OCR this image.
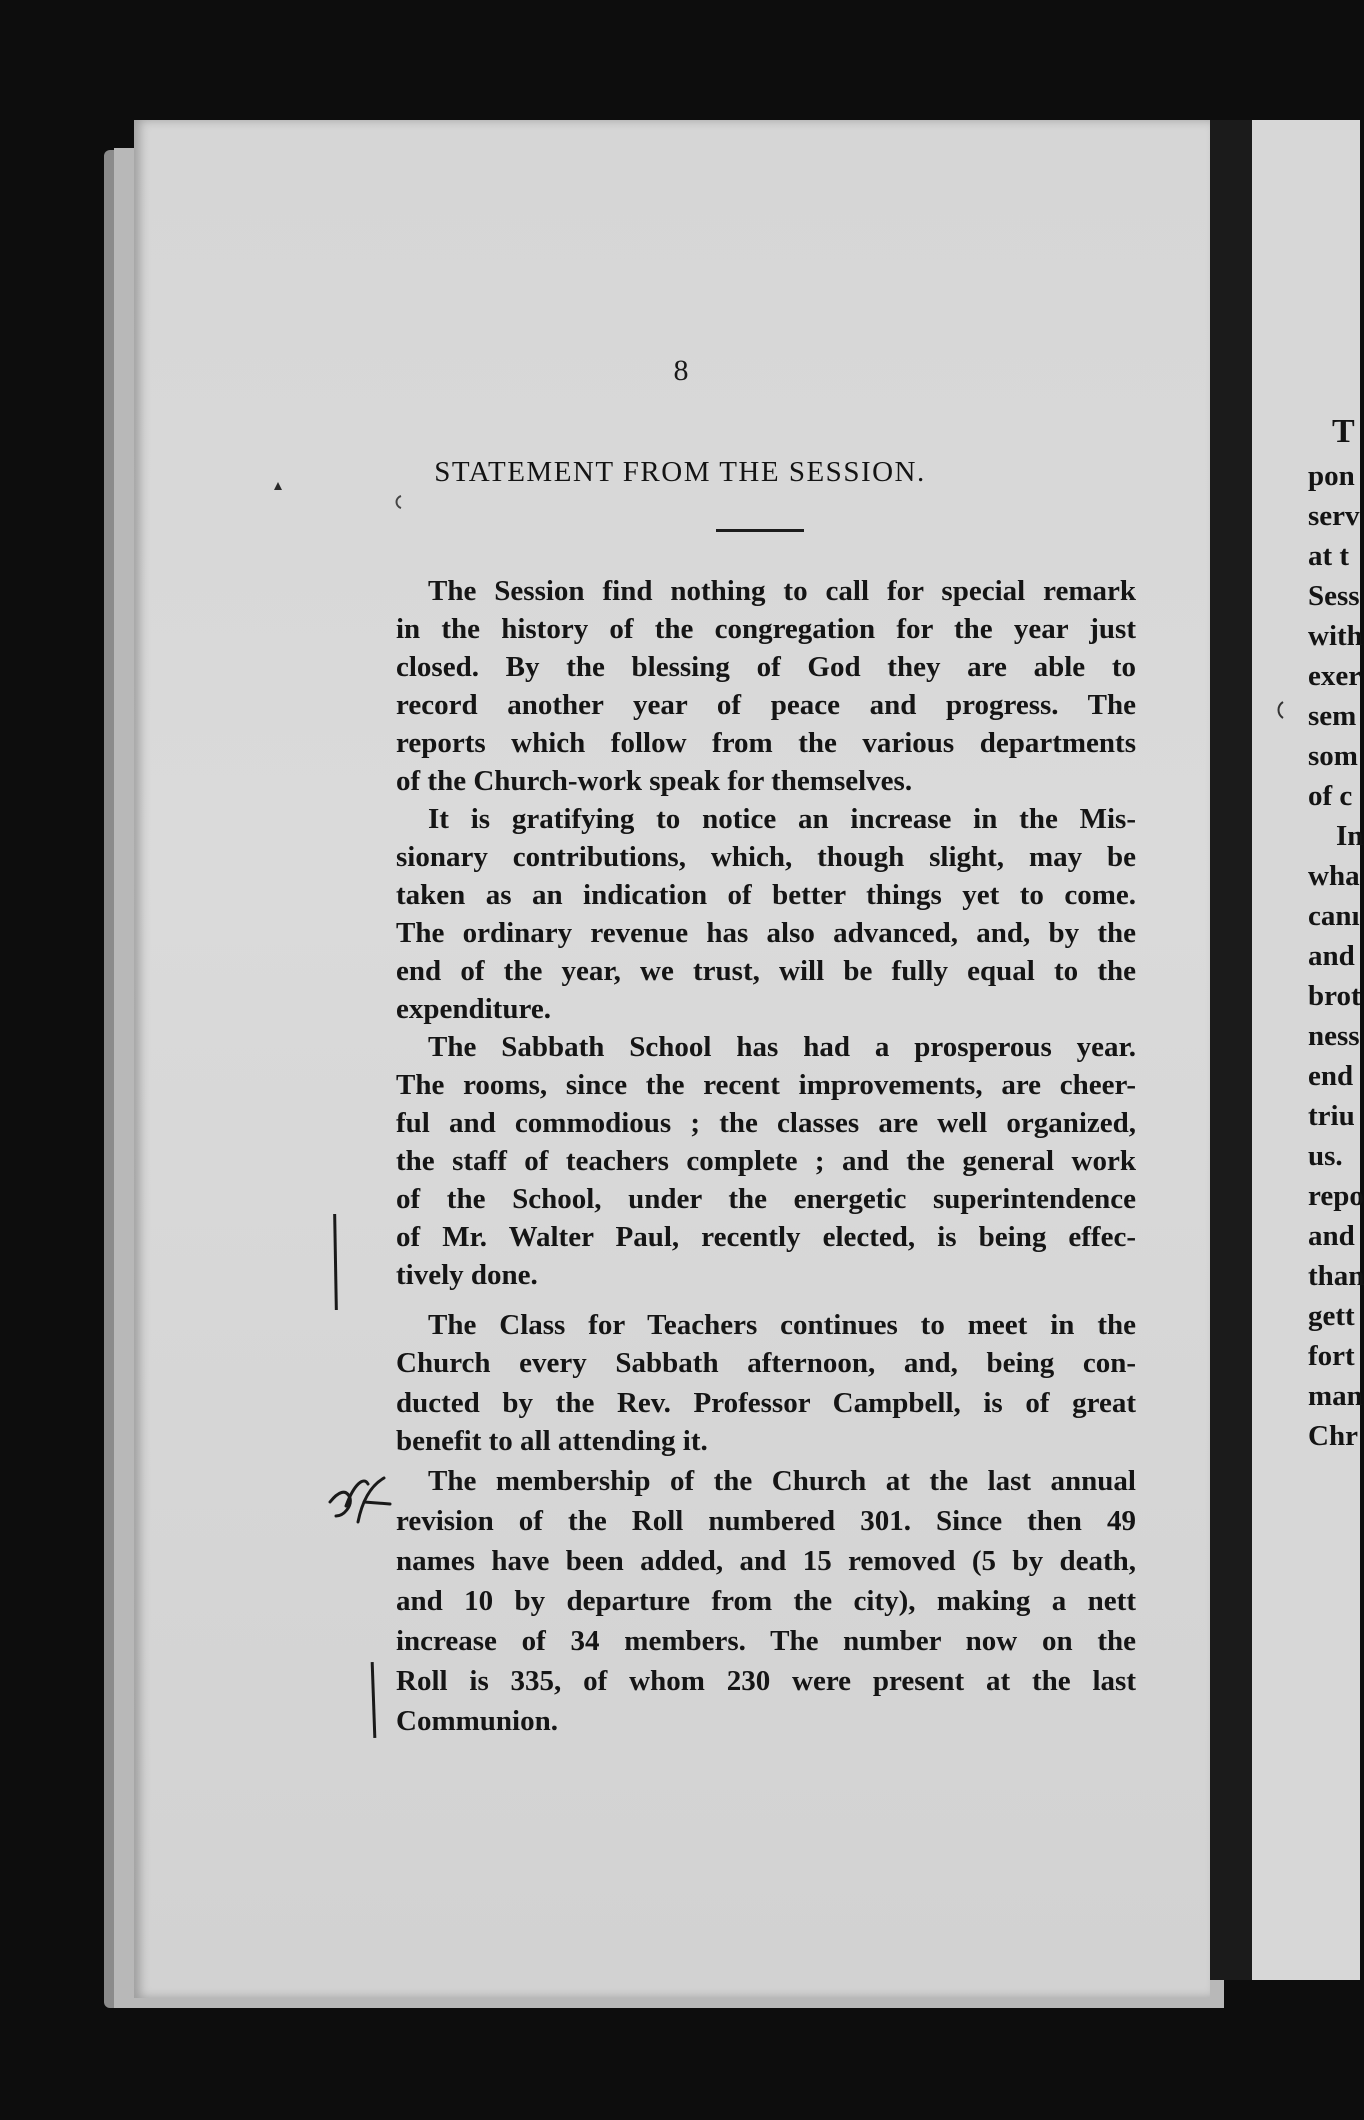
T
pon
serv
at t
Sess
with
exer
sem
som
of c
In
wha
canı
and
brot
ness
end
triu
us.
repo
and
than
gett
fort
man
Chr
8
STATEMENT FROM THE SESSION.
The Session find nothing to call for special remark
in the history of the congregation for the year just
closed. By the blessing of God they are able to
record another year of peace and progress. The
reports which follow from the various departments
of the Church-work speak for themselves.
It is gratifying to notice an increase in the Mis-
sionary contributions, which, though slight, may be
taken as an indication of better things yet to come.
The ordinary revenue has also advanced, and, by the
end of the year, we trust, will be fully equal to the
expenditure.
The Sabbath School has had a prosperous year.
The rooms, since the recent improvements, are cheer-
ful and commodious ; the classes are well organized,
the staff of teachers complete ; and the general work
of the School, under the energetic superintendence
of Mr. Walter Paul, recently elected, is being effec-
tively done.
The Class for Teachers continues to meet in the
Church every Sabbath afternoon, and, being con-
ducted by the Rev. Professor Campbell, is of great
benefit to all attending it.
The membership of the Church at the last annual
revision of the Roll numbered 301. Since then 49
names have been added, and 15 removed (5 by death,
and 10 by departure from the city), making a nett
increase of 34 members. The number now on the
Roll is 335, of whom 230 were present at the last
Communion.
